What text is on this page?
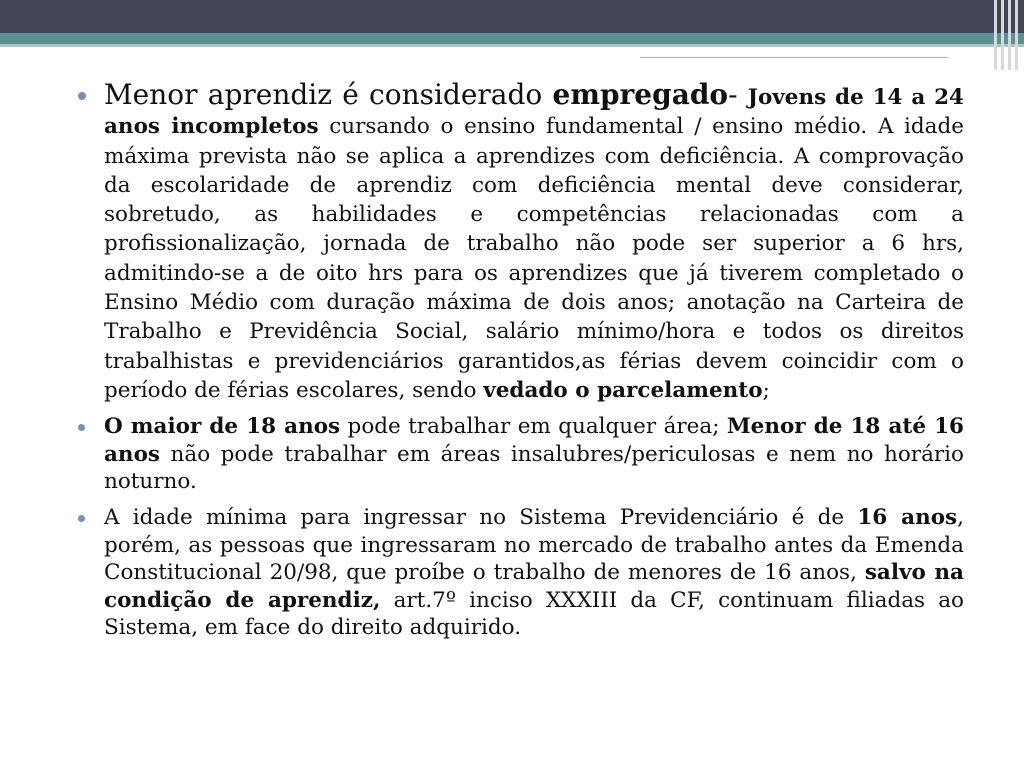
Menor aprendiz é considerado empregado- Jovens de 14 a 24 anos incompletos cursando o ensino fundamental / ensino médio. A idade máxima prevista não se aplica a aprendizes com deficiência. A comprovação da escolaridade de aprendiz com deficiência mental deve considerar, sobretudo, as habilidades e competências relacionadas com a profissionalização, jornada de trabalho não pode ser superior a 6 hrs, admitindo-se a de oito hrs para os aprendizes que já tiverem completado o Ensino Médio com duração máxima de dois anos; anotação na Carteira de Trabalho e Previdência Social, salário mínimo/hora e todos os direitos trabalhistas e previdenciários garantidos,as férias devem coincidir com o período de férias escolares, sendo vedado o parcelamento;
O maior de 18 anos pode trabalhar em qualquer área; Menor de 18 até 16 anos não pode trabalhar em áreas insalubres/periculosas e nem no horário noturno.
A idade mínima para ingressar no Sistema Previdenciário é de 16 anos, porém, as pessoas que ingressaram no mercado de trabalho antes da Emenda Constitucional 20/98, que proíbe o trabalho de menores de 16 anos, salvo na condição de aprendiz, art.7º inciso XXXIII da CF, continuam filiadas ao Sistema, em face do direito adquirido.
